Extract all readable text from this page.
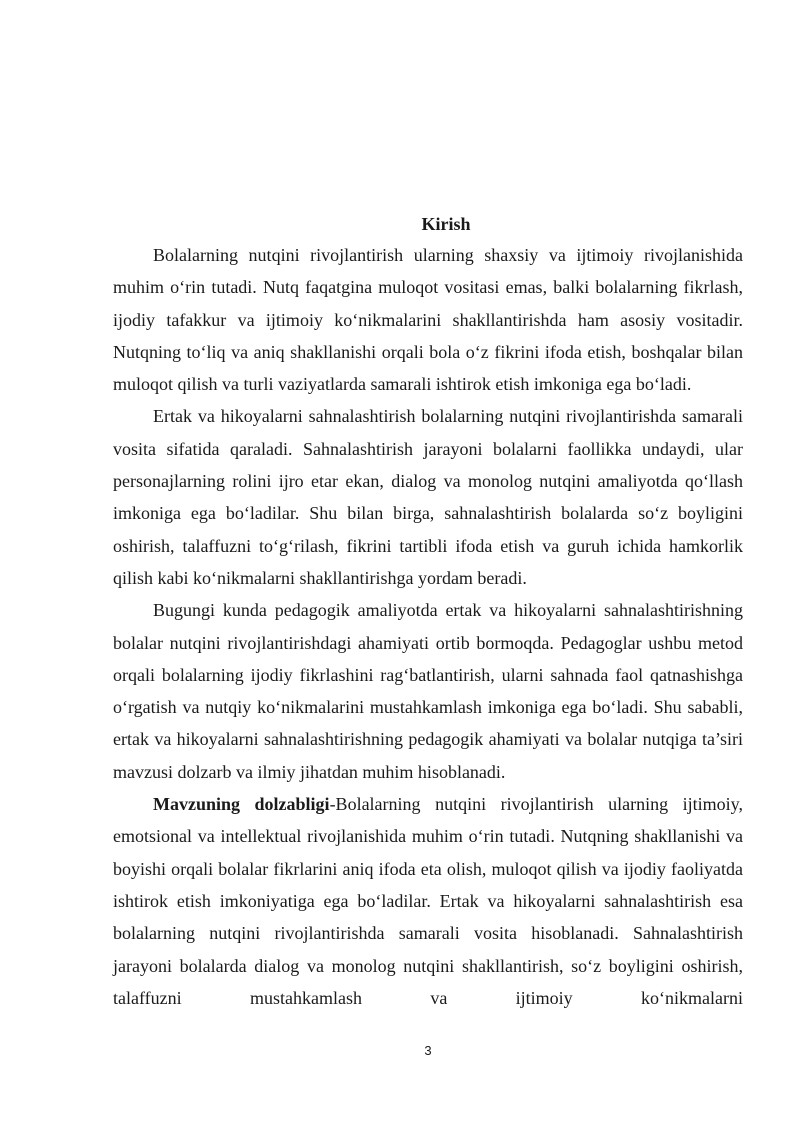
Kirish

Bolalarning nutqini rivojlantirish ularning shaxsiy va ijtimoiy rivojlanishida muhim o‘rin tutadi. Nutq faqatgina muloqot vositasi emas, balki bolalarning fikrlash, ijodiy tafakkur va ijtimoiy ko‘nikmalarini shakllantirishda ham asosiy vositadir. Nutqning to‘liq va aniq shakllanishi orqali bola o‘z fikrini ifoda etish, boshqalar bilan muloqot qilish va turli vaziyatlarda samarali ishtirok etish imkoniga ega bo‘ladi.

Ertak va hikoyalarni sahnalashtirish bolalarning nutqini rivojlantirishda samarali vosita sifatida qaraladi. Sahnalashtirish jarayoni bolalarni faollikka undaydi, ular personajlarning rolini ijro etar ekan, dialog va monolog nutqini amaliyotda qo‘llash imkoniga ega bo‘ladilar. Shu bilan birga, sahnalashtirish bolalarda so‘z boyligini oshirish, talaffuzni to‘g‘rilash, fikrini tartibli ifoda etish va guruh ichida hamkorlik qilish kabi ko‘nikmalarni shakllantirishga yordam beradi.

Bugungi kunda pedagogik amaliyotda ertak va hikoyalarni sahnalashtirishning bolalar nutqini rivojlantirishdagi ahamiyati ortib bormoqda. Pedagoglar ushbu metod orqali bolalarning ijodiy fikrlashini rag‘batlantirish, ularni sahnada faol qatnashishga o‘rgatish va nutqiy ko‘nikmalarini mustahkamlash imkoniga ega bo‘ladi. Shu sababli, ertak va hikoyalarni sahnalashtirishning pedagogik ahamiyati va bolalar nutqiga ta’siri mavzusi dolzarb va ilmiy jihatdan muhim hisoblanadi.

Mavzuning dolzabligi-Bolalarning nutqini rivojlantirish ularning ijtimoiy, emotsional va intellektual rivojlanishida muhim o‘rin tutadi. Nutqning shakllanishi va boyishi orqali bolalar fikrlarini aniq ifoda eta olish, muloqot qilish va ijodiy faoliyatda ishtirok etish imkoniyatiga ega bo‘ladilar. Ertak va hikoyalarni sahnalashtirish esa bolalarning nutqini rivojlantirishda samarali vosita hisoblanadi. Sahnalashtirish jarayoni bolalarda dialog va monolog nutqini shakllantirish, so‘z boyligini oshirish, talaffuzni mustahkamlash va ijtimoiy ko‘nikmalarni

3
